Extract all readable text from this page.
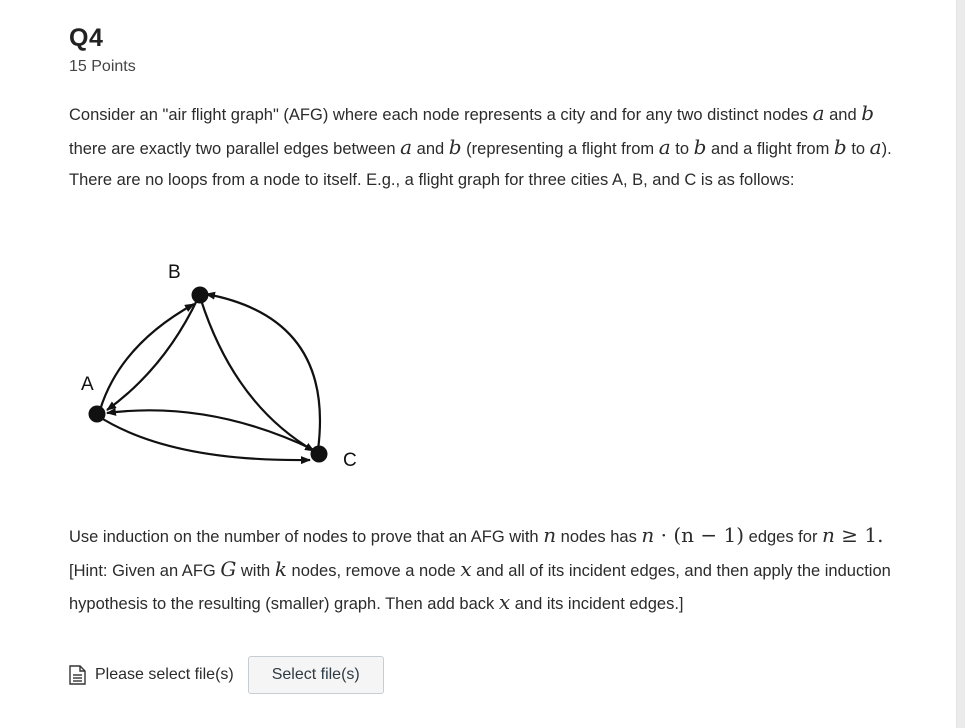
Q4
15 Points
Consider an "air flight graph" (AFG) where each node represents a city and for any two distinct nodes a and b there are exactly two parallel edges between a and b (representing a flight from a to b and a flight from b to a). There are no loops from a node to itself. E.g., a flight graph for three cities A, B, and C is as follows:
B
A
C
Use induction on the number of nodes to prove that an AFG with n nodes has n · (n − 1) edges for n ≥ 1. [Hint: Given an AFG G with k nodes, remove a node x and all of its incident edges, and then apply the induction hypothesis to the resulting (smaller) graph. Then add back x and its incident edges.]
Please select file(s)	Select file(s)
